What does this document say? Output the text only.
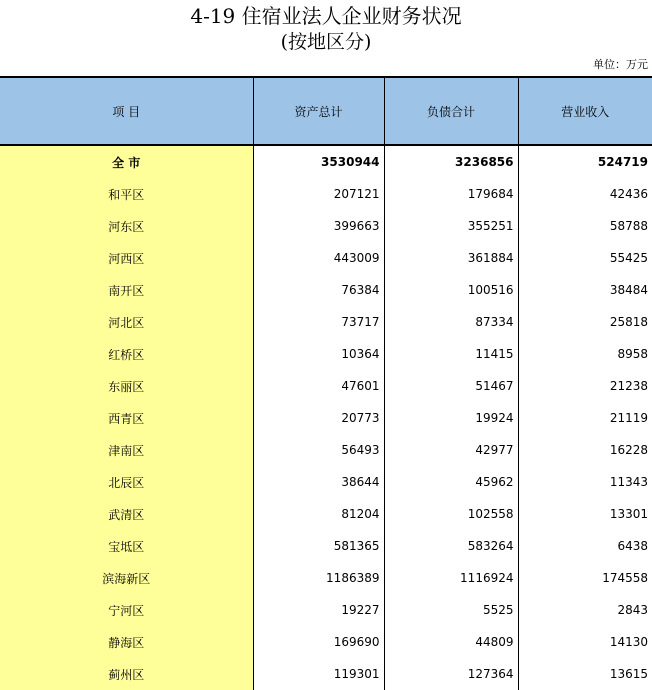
4-19 住宿业法人企业财务状况
(按地区分)
单位：万元
项 目	资产总计	负债合计	营业收入
全 市	3530944	3236856	524719
和平区	207121	179684	42436
河东区	399663	355251	58788
河西区	443009	361884	55425
南开区	76384	100516	38484
河北区	73717	87334	25818
红桥区	10364	11415	8958
东丽区	47601	51467	21238
西青区	20773	19924	21119
津南区	56493	42977	16228
北辰区	38644	45962	11343
武清区	81204	102558	13301
宝坻区	581365	583264	6438
滨海新区	1186389	1116924	174558
宁河区	19227	5525	2843
静海区	169690	44809	14130
蓟州区	119301	127364	13615
